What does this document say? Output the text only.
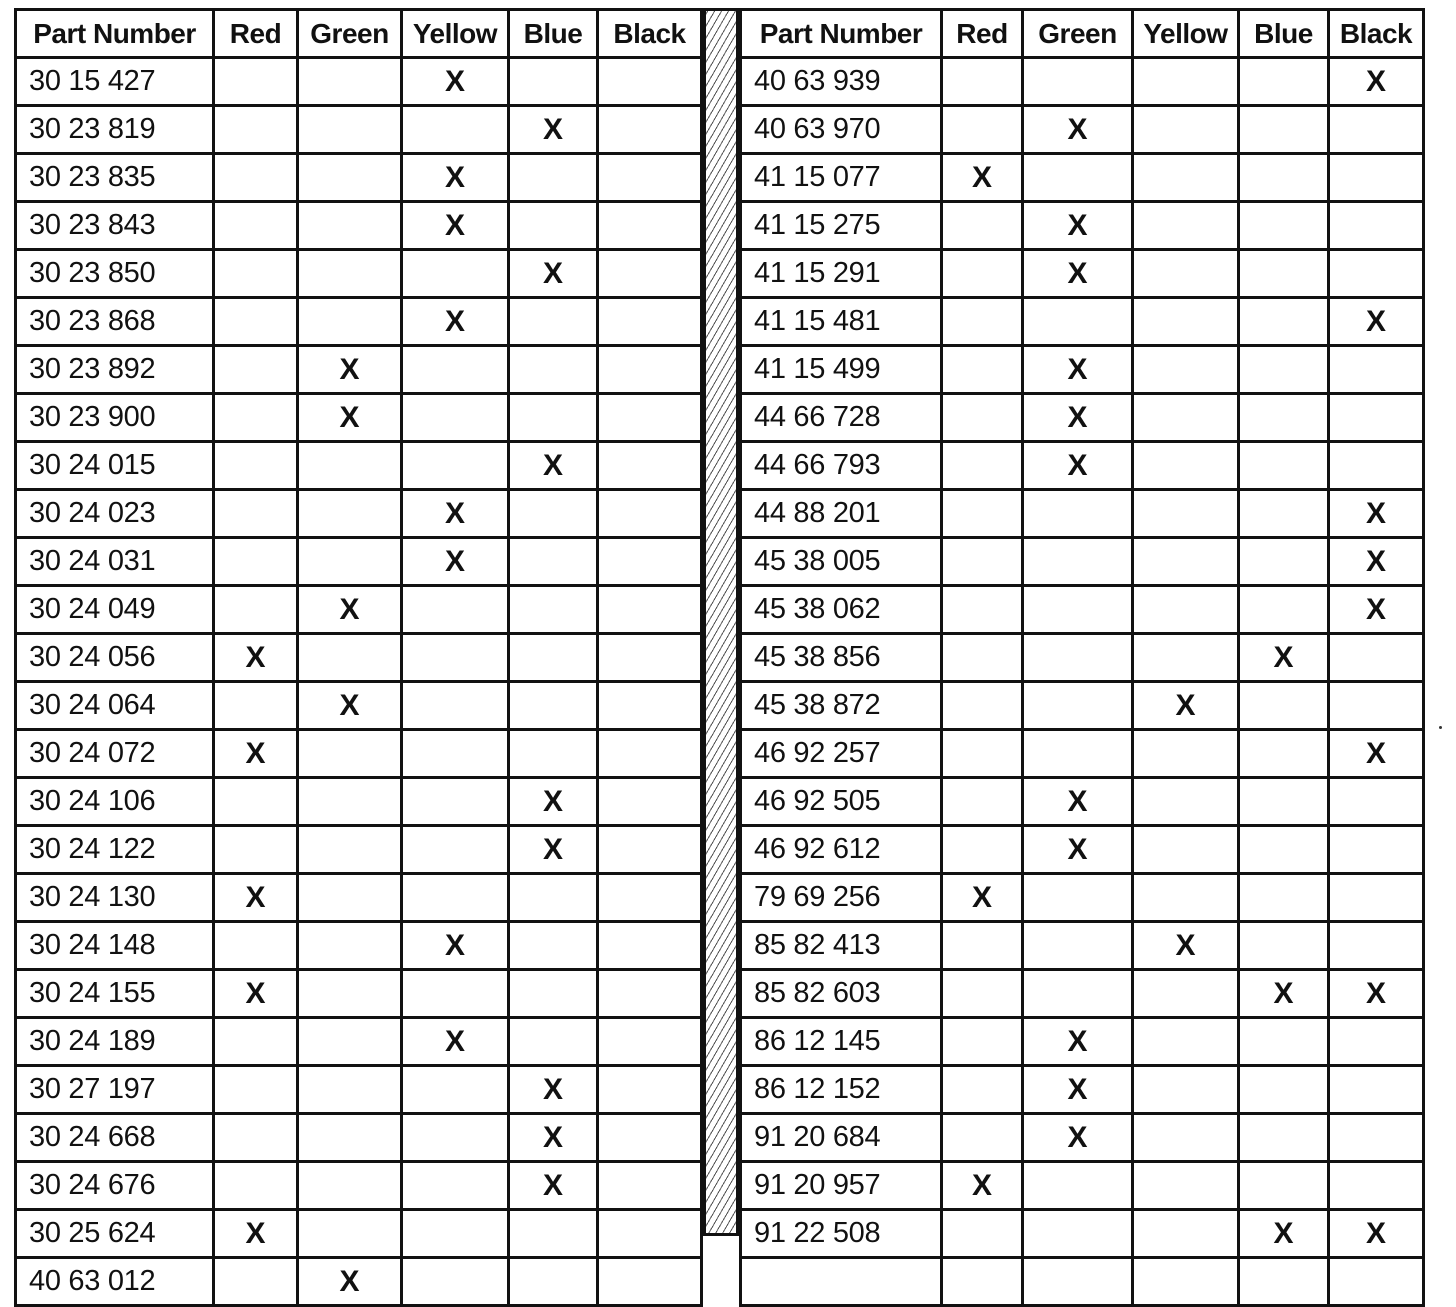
Part Number	Red	Green	Yellow	Blue	Black
30 15 427			X		
30 23 819				X	
30 23 835			X		
30 23 843			X		
30 23 850				X	
30 23 868			X		
30 23 892		X			
30 23 900		X			
30 24 015				X	
30 24 023			X		
30 24 031			X		
30 24 049		X			
30 24 056	X				
30 24 064		X			
30 24 072	X				
30 24 106				X	
30 24 122				X	
30 24 130	X				
30 24 148			X		
30 24 155	X				
30 24 189			X		
30 27 197				X	
30 24 668				X	
30 24 676				X	
30 25 624	X				
40 63 012		X			
Part Number	Red	Green	Yellow	Blue	Black
40 63 939					X
40 63 970		X			
41 15 077	X				
41 15 275		X			
41 15 291		X			
41 15 481					X
41 15 499		X			
44 66 728		X			
44 66 793		X			
44 88 201					X
45 38 005					X
45 38 062					X
45 38 856				X	
45 38 872			X		
46 92 257					X
46 92 505		X			
46 92 612		X			
79 69 256	X				
85 82 413			X		
85 82 603				X	X
86 12 145		X			
86 12 152		X			
91 20 684		X			
91 20 957	X				
91 22 508				X	X
